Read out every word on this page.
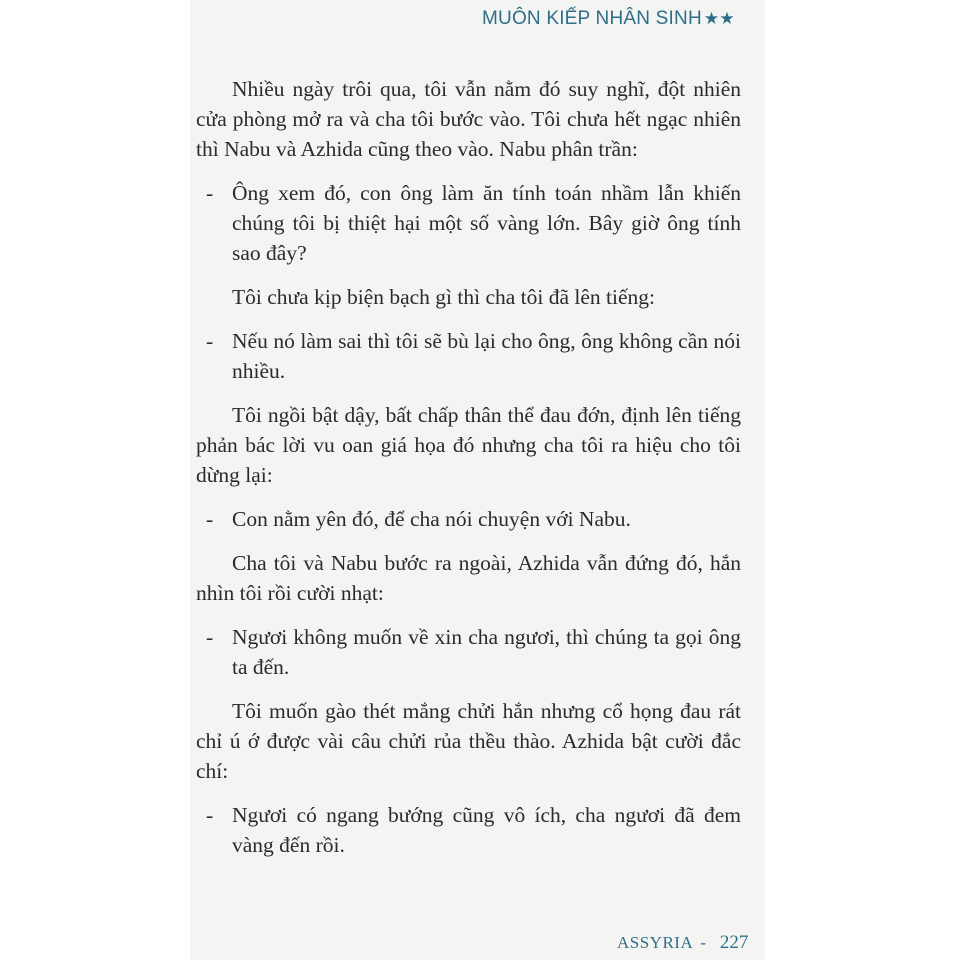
MUÔN KIẾP NHÂN SINH ★★

Nhiều ngày trôi qua, tôi vẫn nằm đó suy nghĩ, đột nhiên cửa phòng mở ra và cha tôi bước vào. Tôi chưa hết ngạc nhiên thì Nabu và Azhida cũng theo vào. Nabu phân trần:

- Ông xem đó, con ông làm ăn tính toán nhầm lẫn khiến chúng tôi bị thiệt hại một số vàng lớn. Bây giờ ông tính sao đây?

Tôi chưa kịp biện bạch gì thì cha tôi đã lên tiếng:

- Nếu nó làm sai thì tôi sẽ bù lại cho ông, ông không cần nói nhiều.

Tôi ngồi bật dậy, bất chấp thân thể đau đớn, định lên tiếng phản bác lời vu oan giá họa đó nhưng cha tôi ra hiệu cho tôi dừng lại:

- Con nằm yên đó, để cha nói chuyện với Nabu.

Cha tôi và Nabu bước ra ngoài, Azhida vẫn đứng đó, hắn nhìn tôi rồi cười nhạt:

- Ngươi không muốn về xin cha ngươi, thì chúng ta gọi ông ta đến.

Tôi muốn gào thét mắng chửi hắn nhưng cổ họng đau rát chỉ ú ớ được vài câu chửi rủa thều thào. Azhida bật cười đắc chí:

- Ngươi có ngang bướng cũng vô ích, cha ngươi đã đem vàng đến rồi.
ASSYRIA - 227
